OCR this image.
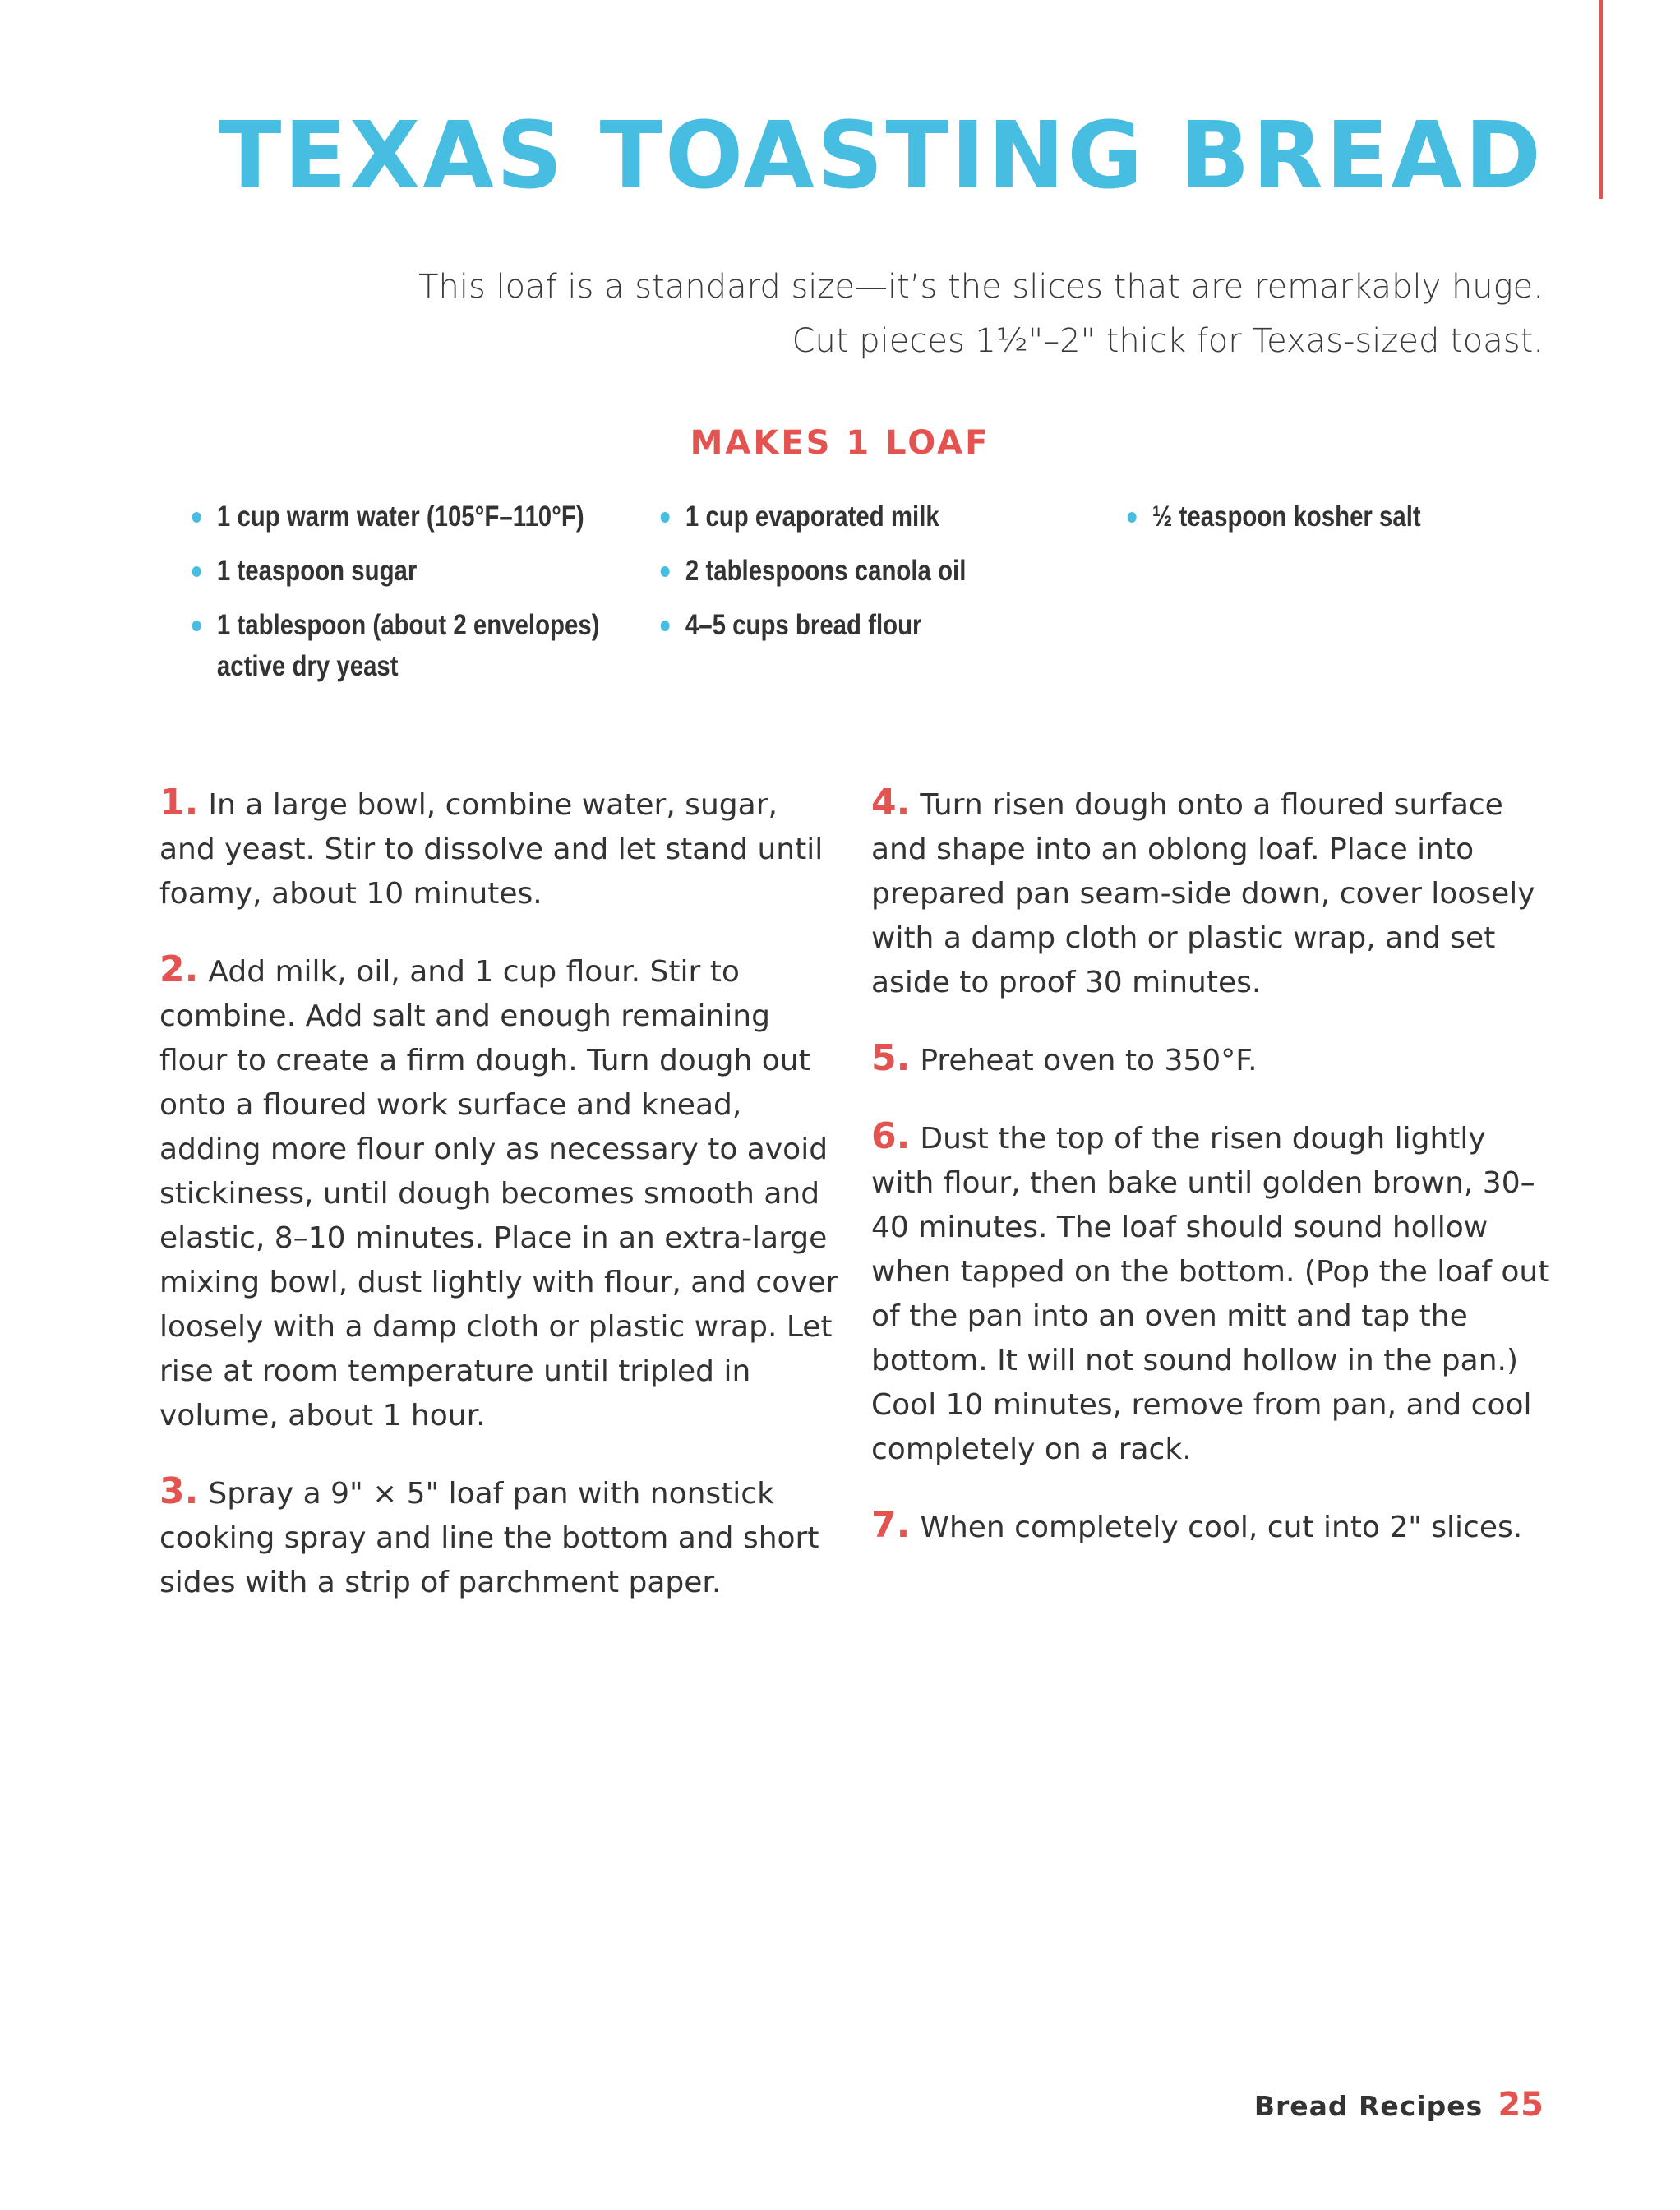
TEXAS TOASTING BREAD
This loaf is a standard size—it’s the slices that are remarkably huge.
Cut pieces 1½"–2" thick for Texas-sized toast.
MAKES 1 LOAF
1 cup warm water (105°F–110°F)
1 teaspoon sugar
1 tablespoon (about 2 envelopes)
active dry yeast
1 cup evaporated milk
2 tablespoons canola oil
4–5 cups bread flour
½ teaspoon kosher salt
1. In a large bowl, combine water, sugar, and yeast. Stir to dissolve and let stand until foamy, about 10 minutes.
2. Add milk, oil, and 1 cup flour. Stir to combine. Add salt and enough remaining flour to create a firm dough. Turn dough out onto a floured work surface and knead, adding more flour only as necessary to avoid stickiness, until dough becomes smooth and elastic, 8–10 minutes. Place in an extra-large mixing bowl, dust lightly with flour, and cover loosely with a damp cloth or plastic wrap. Let rise at room temperature until tripled in volume, about 1 hour.
3. Spray a 9" × 5" loaf pan with nonstick cooking spray and line the bottom and short sides with a strip of parchment paper.
4. Turn risen dough onto a floured surface and shape into an oblong loaf. Place into prepared pan seam-side down, cover loosely with a damp cloth or plastic wrap, and set aside to proof 30 minutes.
5. Preheat oven to 350°F.
6. Dust the top of the risen dough lightly with flour, then bake until golden brown, 30–40 minutes. The loaf should sound hollow when tapped on the bottom. (Pop the loaf out of the pan into an oven mitt and tap the bottom. It will not sound hollow in the pan.) Cool 10 minutes, remove from pan, and cool completely on a rack.
7. When completely cool, cut into 2" slices.
Bread Recipes 25
